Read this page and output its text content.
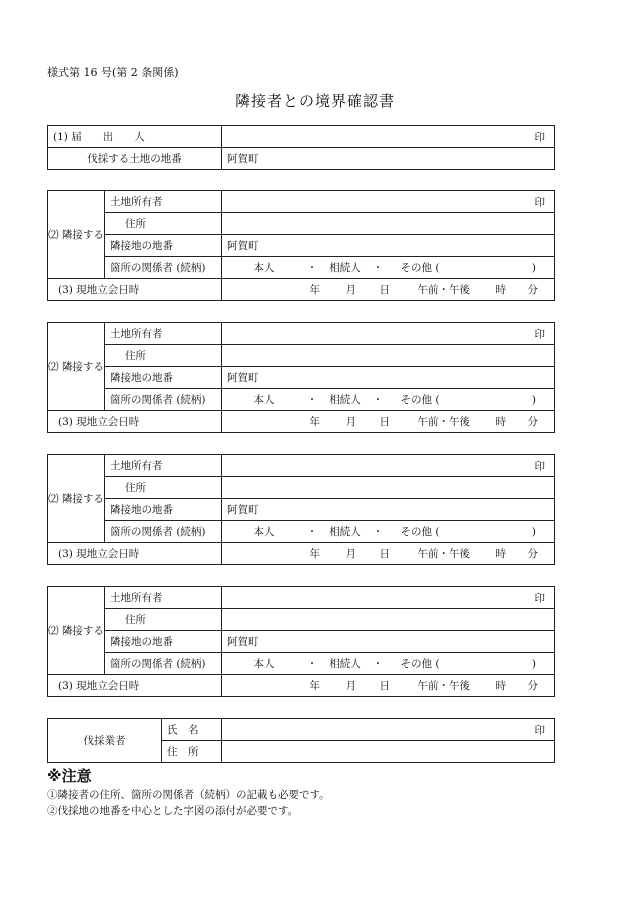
様式第 16 号(第 2 条関係)
隣接者との境界確認書
(1) 届　　出　　人	印

伐採する土地の地番	阿賀町
⑵ 隣接する	土地所有者	印

	住所	
	隣接地の地番	阿賀町
	箇所の関係者 (続柄)	本人 ・ 相続人 ・ その他 ( )
(3) 現地立会日時		年 月 日 午前・午後 時 分
⑵ 隣接する	土地所有者	印

	住所	
	隣接地の地番	阿賀町
	箇所の関係者 (続柄)	本人 ・ 相続人 ・ その他 ( )
(3) 現地立会日時		年 月 日 午前・午後 時 分
⑵ 隣接する	土地所有者	印

	住所	
	隣接地の地番	阿賀町
	箇所の関係者 (続柄)	本人 ・ 相続人 ・ その他 ( )
(3) 現地立会日時		年 月 日 午前・午後 時 分
⑵ 隣接する	土地所有者	印

	住所	
	隣接地の地番	阿賀町
	箇所の関係者 (続柄)	本人 ・ 相続人 ・ その他 ( )
(3) 現地立会日時		年 月 日 午前・午後 時 分
伐採業者	氏　名	印

	住　所	
※注意
①隣接者の住所、箇所の関係者（続柄）の記載も必要です。
②伐採地の地番を中心とした字図の添付が必要です。
